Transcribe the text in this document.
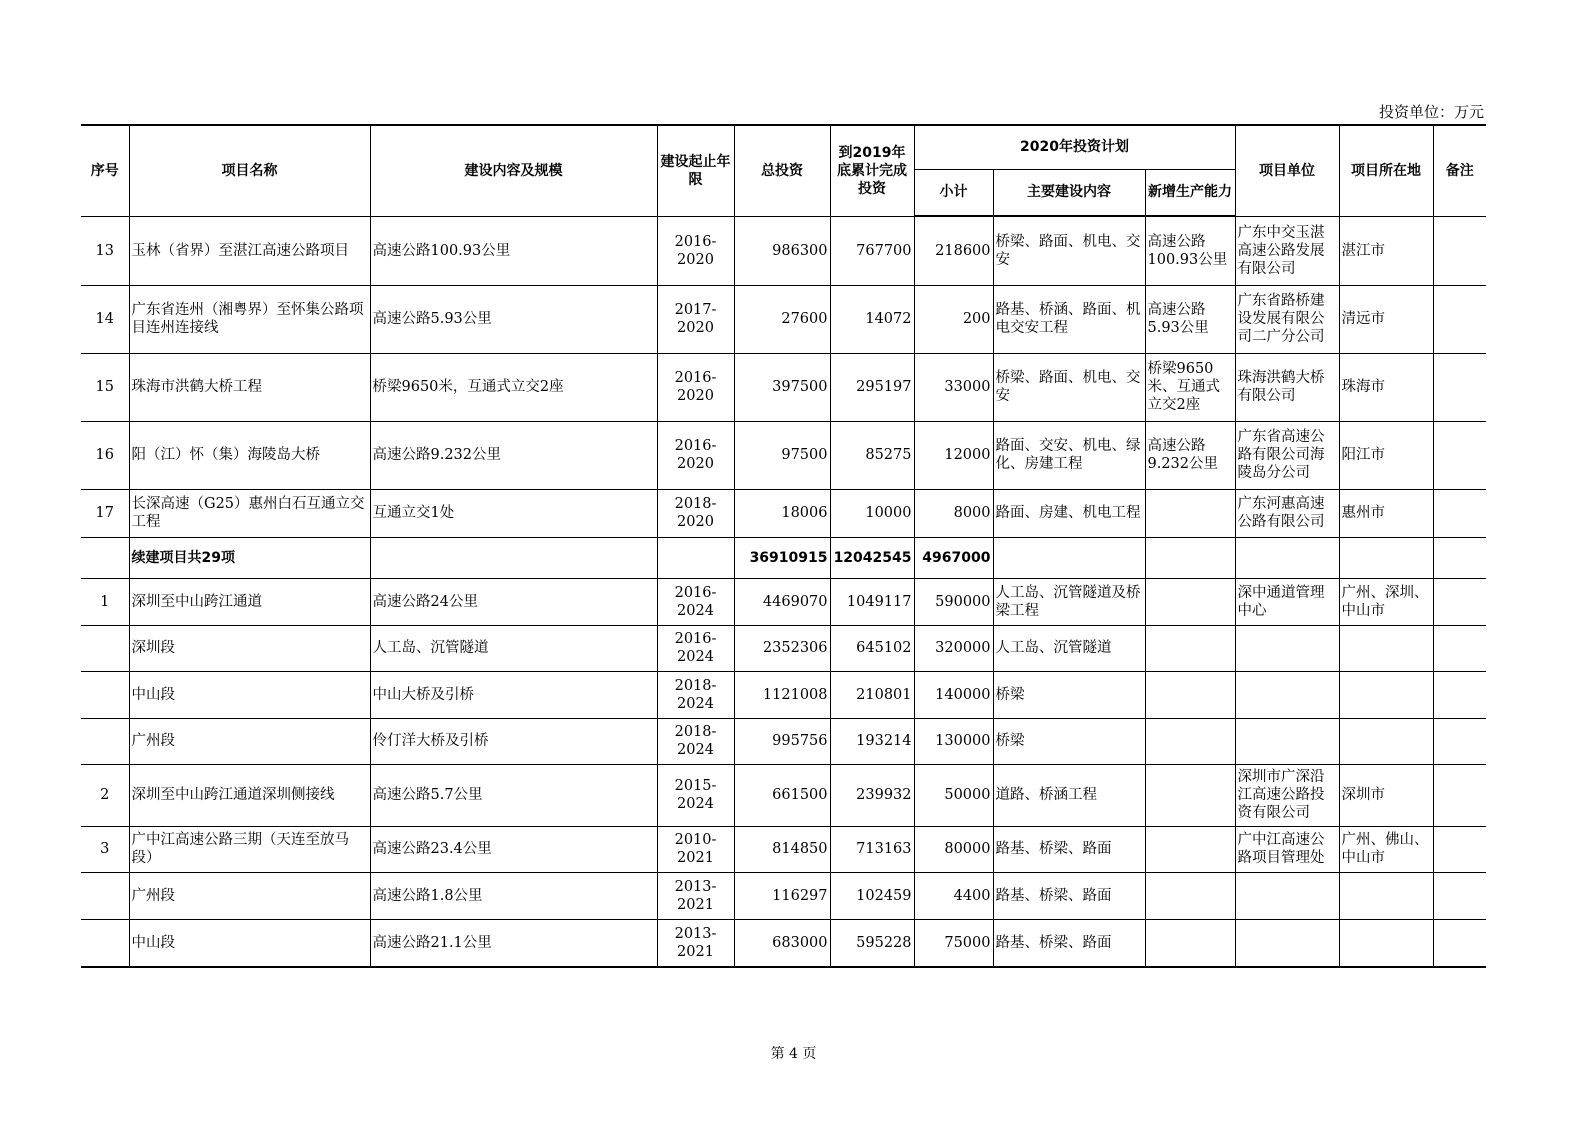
投资单位：万元
序号	项目名称	建设内容及规模	建设起止年限	总投资	到2019年底累计完成投资	2020年投资计划			项目单位	项目所在地	备注
						小计	主要建设内容	新增生产能力			
13	玉林（省界）至湛江高速公路项目	高速公路100.93公里	2016-2020	986300	767700	218600	桥梁、路面、机电、交安	高速公路100.93公里	广东中交玉湛高速公路发展有限公司	湛江市	
14	广东省连州（湘粤界）至怀集公路项目连州连接线	高速公路5.93公里	2017-2020	27600	14072	200	路基、桥涵、路面、机电交安工程	高速公路5.93公里	广东省路桥建设发展有限公司二广分公司	清远市	
15	珠海市洪鹤大桥工程	桥梁9650米，互通式立交2座	2016-2020	397500	295197	33000	桥梁、路面、机电、交安	桥梁9650米、互通式立交2座	珠海洪鹤大桥有限公司	珠海市	
16	阳（江）怀（集）海陵岛大桥	高速公路9.232公里	2016-2020	97500	85275	12000	路面、交安、机电、绿化、房建工程	高速公路9.232公里	广东省高速公路有限公司海陵岛分公司	阳江市	
17	长深高速（G25）惠州白石互通立交工程	互通立交1处	2018-2020	18006	10000	8000	路面、房建、机电工程		广东河惠高速公路有限公司	惠州市	
	续建项目共29项			36910915	12042545	4967000					
1	深圳至中山跨江通道	高速公路24公里	2016-2024	4469070	1049117	590000	人工岛、沉管隧道及桥梁工程		深中通道管理中心	广州、深圳、中山市	
	深圳段	人工岛、沉管隧道	2016-2024	2352306	645102	320000	人工岛、沉管隧道				
	中山段	中山大桥及引桥	2018-2024	1121008	210801	140000	桥梁				
	广州段	伶仃洋大桥及引桥	2018-2024	995756	193214	130000	桥梁				
2	深圳至中山跨江通道深圳侧接线	高速公路5.7公里	2015-2024	661500	239932	50000	道路、桥涵工程		深圳市广深沿江高速公路投资有限公司	深圳市	
3	广中江高速公路三期（天连至放马段）	高速公路23.4公里	2010-2021	814850	713163	80000	路基、桥梁、路面		广中江高速公路项目管理处	广州、佛山、中山市	
	广州段	高速公路1.8公里	2013-2021	116297	102459	4400	路基、桥梁、路面				
	中山段	高速公路21.1公里	2013-2021	683000	595228	75000	路基、桥梁、路面				
第 4 页
